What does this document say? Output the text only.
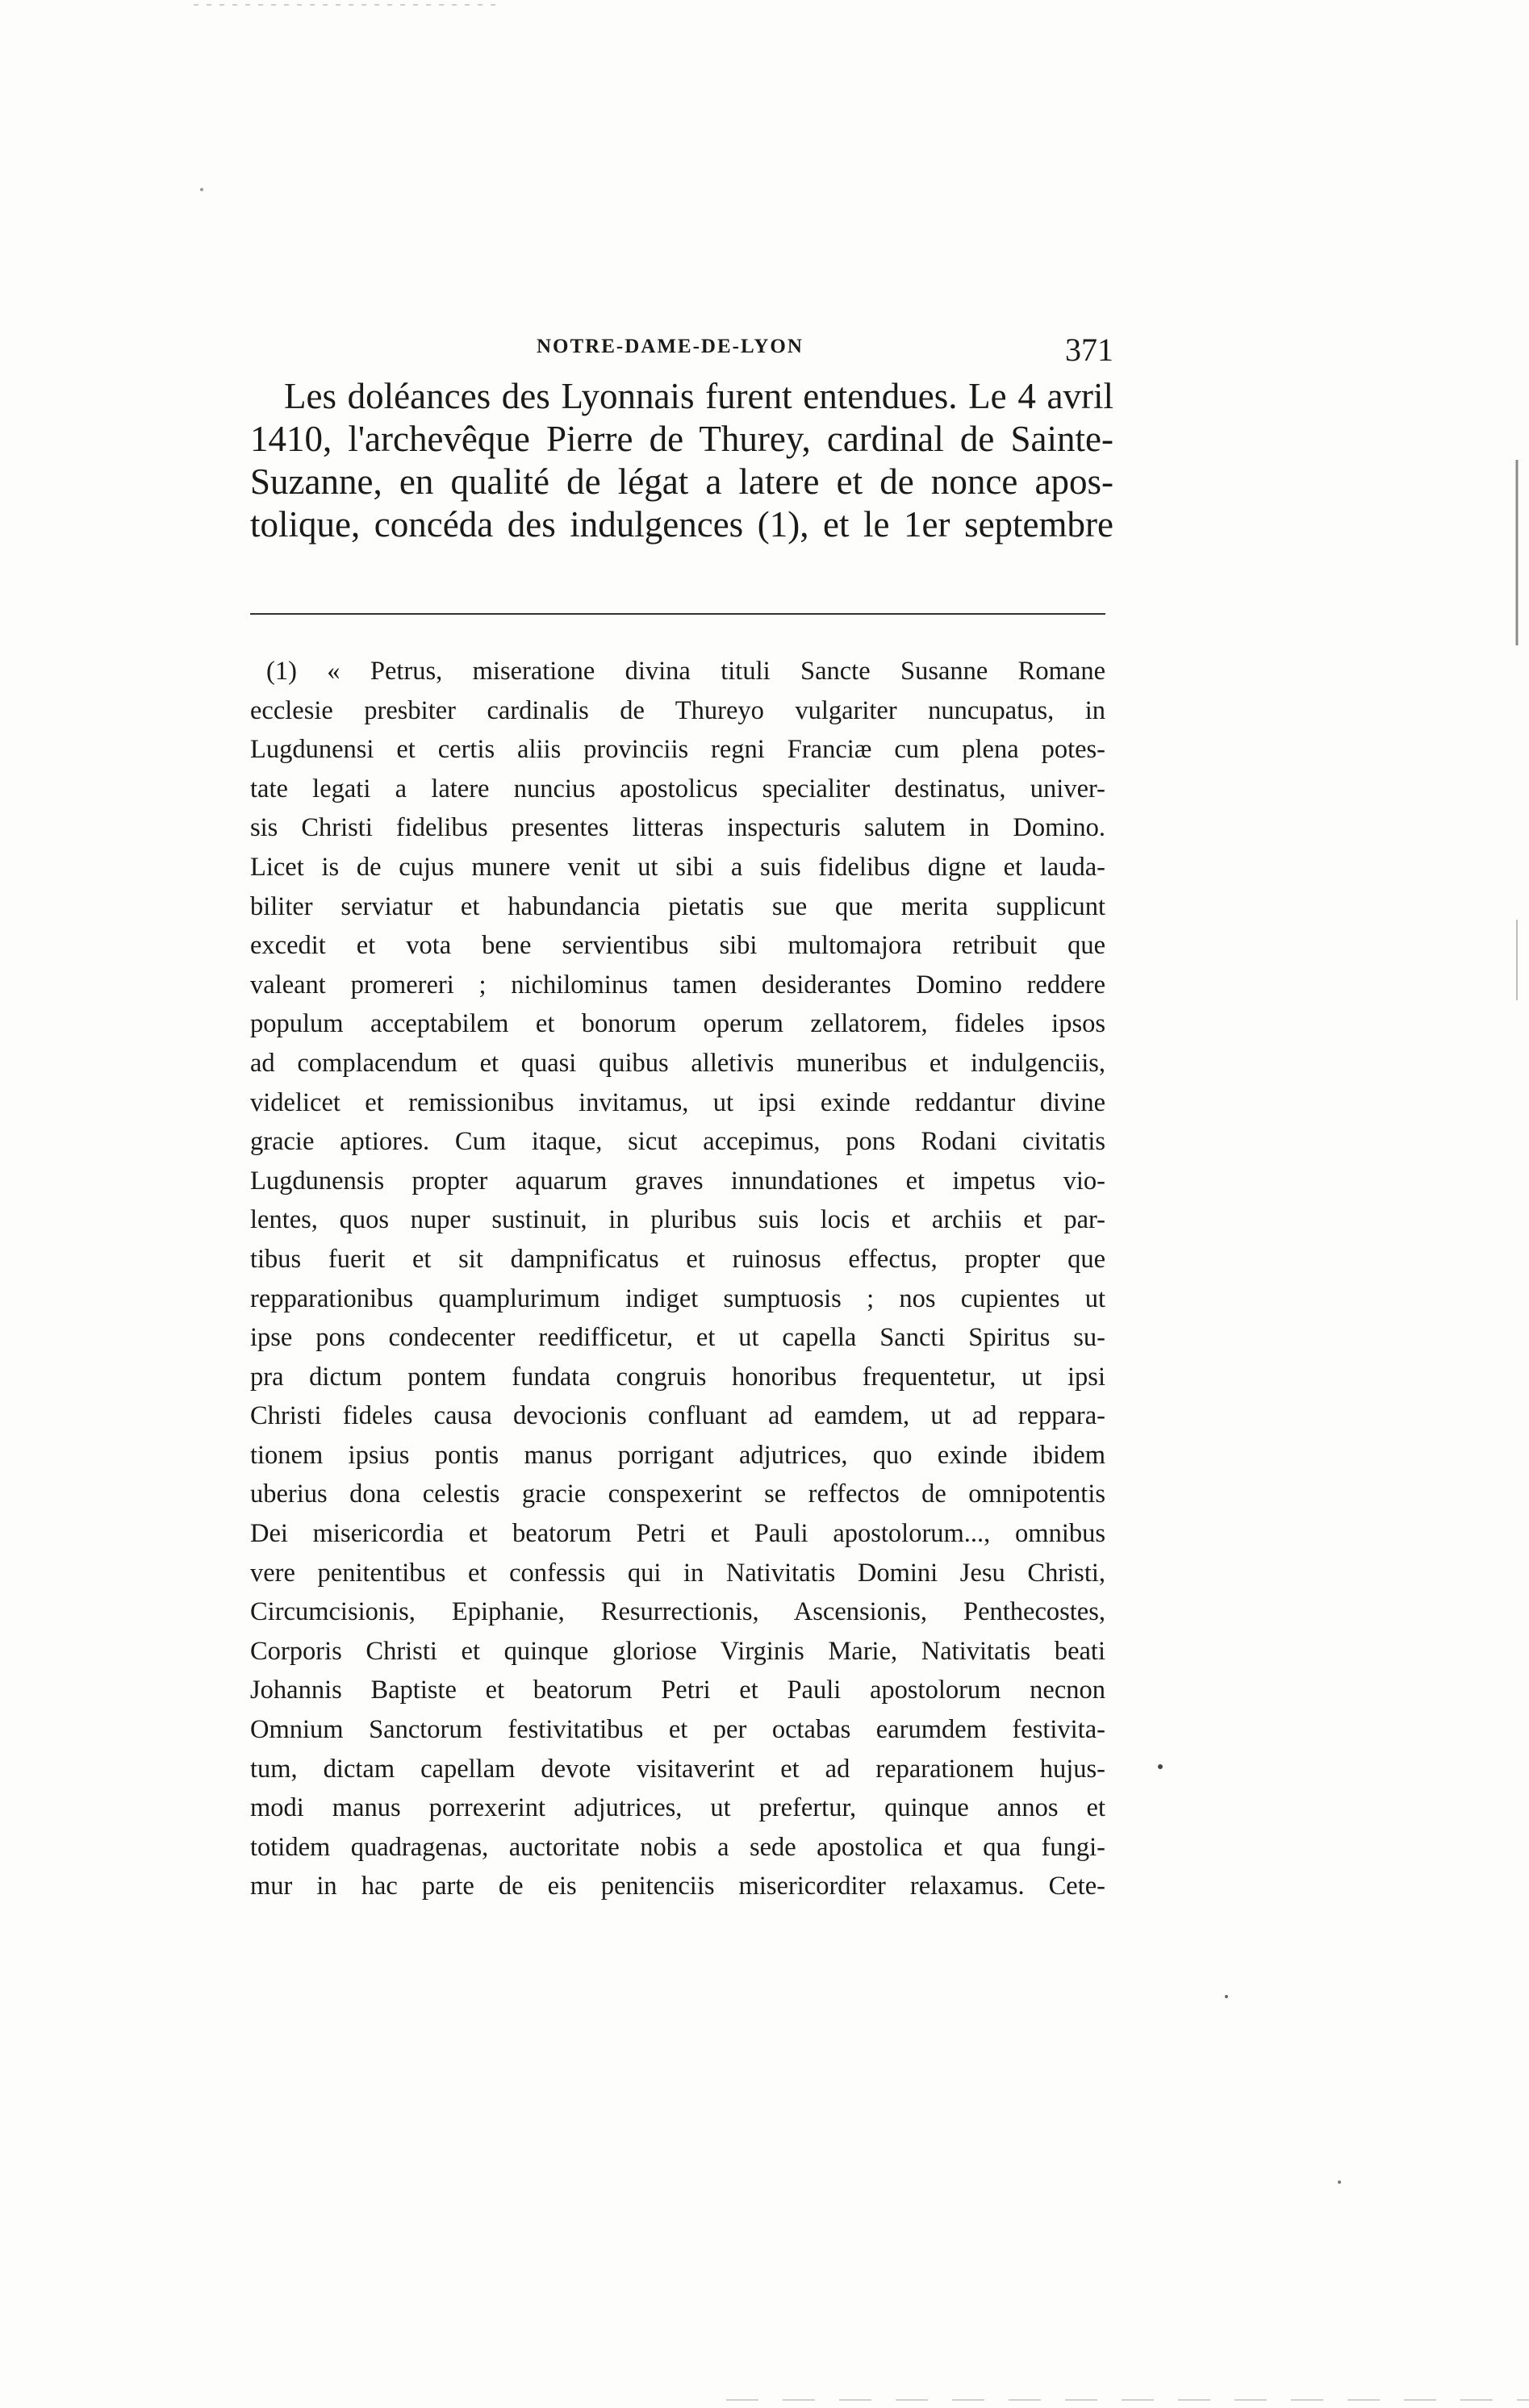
NOTRE-DAME-DE-LYON	371
Les doléances des Lyonnais furent entendues. Le 4 avril
1410, l'archevêque Pierre de Thurey, cardinal de Sainte-
Suzanne, en qualité de légat a latere et de nonce apos-
tolique, concéda des indulgences (1), et le 1er septembre
(1) « Petrus, miseratione divina tituli Sancte Susanne Romane
ecclesie presbiter cardinalis de Thureyo vulgariter nuncupatus, in
Lugdunensi et certis aliis provinciis regni Franciæ cum plena potes-
tate legati a latere nuncius apostolicus specialiter destinatus, univer-
sis Christi fidelibus presentes litteras inspecturis salutem in Domino.
Licet is de cujus munere venit ut sibi a suis fidelibus digne et lauda-
biliter serviatur et habundancia pietatis sue que merita supplicunt
excedit et vota bene servientibus sibi multomajora retribuit que
valeant promereri ; nichilominus tamen desiderantes Domino reddere
populum acceptabilem et bonorum operum zellatorem, fideles ipsos
ad complacendum et quasi quibus alletivis muneribus et indulgenciis,
videlicet et remissionibus invitamus, ut ipsi exinde reddantur divine
gracie aptiores. Cum itaque, sicut accepimus, pons Rodani civitatis
Lugdunensis propter aquarum graves innundationes et impetus vio-
lentes, quos nuper sustinuit, in pluribus suis locis et archiis et par-
tibus fuerit et sit dampnificatus et ruinosus effectus, propter que
repparationibus quamplurimum indiget sumptuosis ; nos cupientes ut
ipse pons condecenter reedifficetur, et ut capella Sancti Spiritus su-
pra dictum pontem fundata congruis honoribus frequentetur, ut ipsi
Christi fideles causa devocionis confluant ad eamdem, ut ad reppara-
tionem ipsius pontis manus porrigant adjutrices, quo exinde ibidem
uberius dona celestis gracie conspexerint se reffectos de omnipotentis
Dei misericordia et beatorum Petri et Pauli apostolorum..., omnibus
vere penitentibus et confessis qui in Nativitatis Domini Jesu Christi,
Circumcisionis, Epiphanie, Resurrectionis, Ascensionis, Penthecostes,
Corporis Christi et quinque gloriose Virginis Marie, Nativitatis beati
Johannis Baptiste et beatorum Petri et Pauli apostolorum necnon
Omnium Sanctorum festivitatibus et per octabas earumdem festivita-
tum, dictam capellam devote visitaverint et ad reparationem hujus-
modi manus porrexerint adjutrices, ut prefertur, quinque annos et
totidem quadragenas, auctoritate nobis a sede apostolica et qua fungi-
mur in hac parte de eis penitenciis misericorditer relaxamus. Cete-
